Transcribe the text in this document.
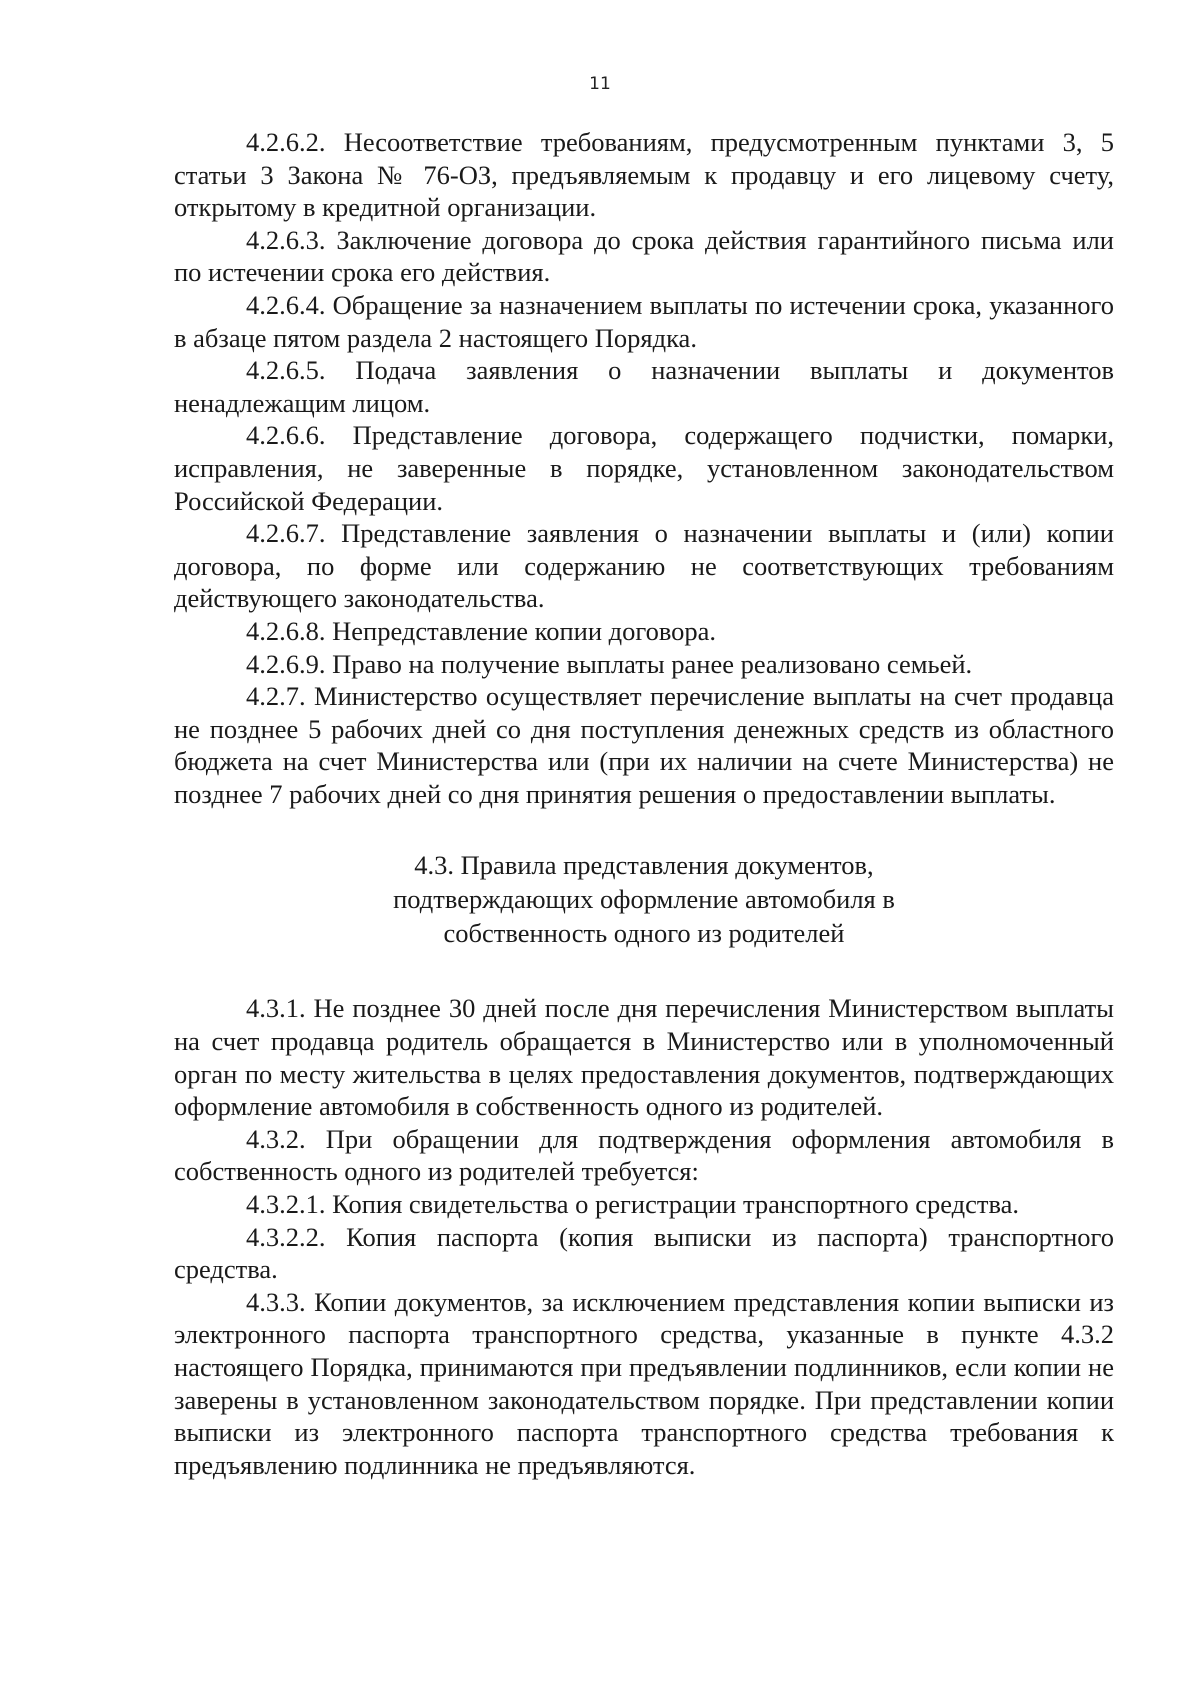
11

4.2.6.2. Несоответствие требованиям, предусмотренным пунктами 3, 5 статьи 3 Закона № 76-ОЗ, предъявляемым к продавцу и его лицевому счету, открытому в кредитной организации.

4.2.6.3. Заключение договора до срока действия гарантийного письма или по истечении срока его действия.

4.2.6.4. Обращение за назначением выплаты по истечении срока, указанного в абзаце пятом раздела 2 настоящего Порядка.

4.2.6.5. Подача заявления о назначении выплаты и документов ненадлежащим лицом.

4.2.6.6. Представление договора, содержащего подчистки, помарки, исправления, не заверенные в порядке, установленном законодательством Российской Федерации.

4.2.6.7. Представление заявления о назначении выплаты и (или) копии договора, по форме или содержанию не соответствующих требованиям действующего законодательства.

4.2.6.8. Непредставление копии договора.

4.2.6.9. Право на получение выплаты ранее реализовано семьей.

4.2.7. Министерство осуществляет перечисление выплаты на счет продавца не позднее 5 рабочих дней со дня поступления денежных средств из областного бюджета на счет Министерства или (при их наличии на счете Министерства) не позднее 7 рабочих дней со дня принятия решения о предоставлении выплаты.

4.3. Правила представления документов,
подтверждающих оформление автомобиля в
собственность одного из родителей

4.3.1. Не позднее 30 дней после дня перечисления Министерством выплаты на счет продавца родитель обращается в Министерство или в уполномоченный орган по месту жительства в целях предоставления документов, подтверждающих оформление автомобиля в собственность одного из родителей.

4.3.2. При обращении для подтверждения оформления автомобиля в собственность одного из родителей требуется:

4.3.2.1. Копия свидетельства о регистрации транспортного средства.

4.3.2.2. Копия паспорта (копия выписки из паспорта) транспортного средства.

4.3.3. Копии документов, за исключением представления копии выписки из электронного паспорта транспортного средства, указанные в пункте 4.3.2 настоящего Порядка, принимаются при предъявлении подлинников, если копии не заверены в установленном законодательством порядке. При представлении копии выписки из электронного паспорта транспортного средства требования к предъявлению подлинника не предъявляются.
